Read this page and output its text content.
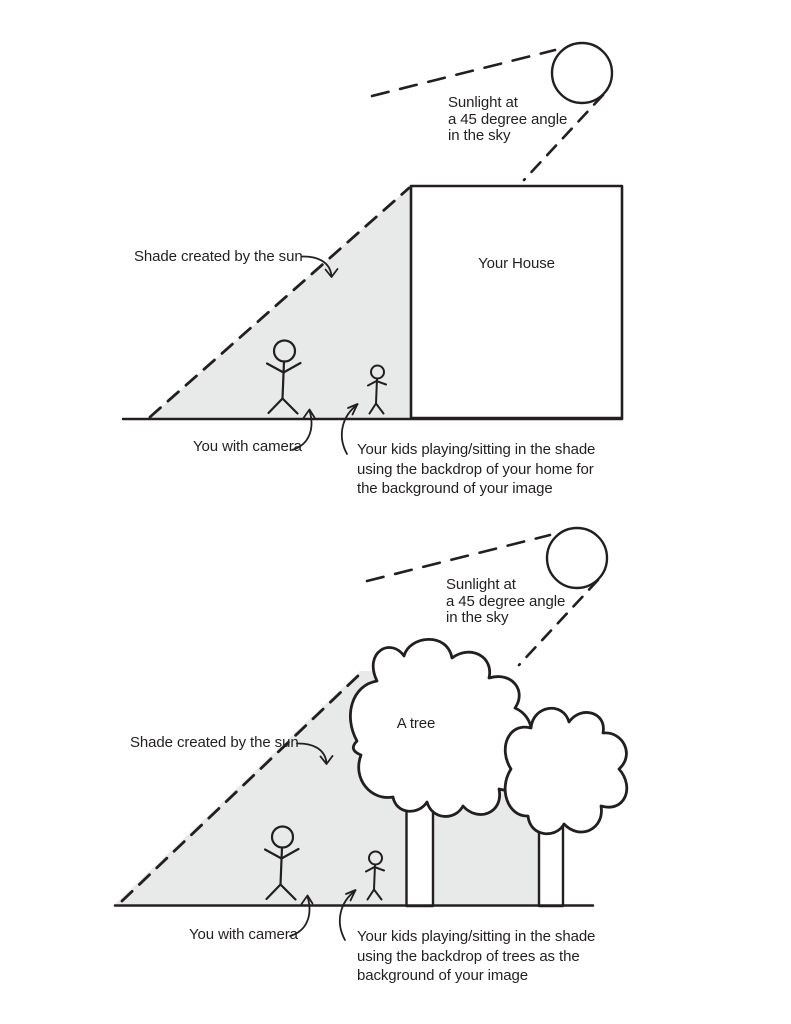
Sunlight at
a 45 degree angle
in the sky
Shade created by the sun	Your House
You with camera	Your kids playing/sitting in the shade
using the backdrop of your home for
the background of your image
Sunlight at
a 45 degree angle
in the sky
Shade created by the sun
A tree
You with camera	Your kids playing/sitting in the shade
using the backdrop of trees as the
background of your image
